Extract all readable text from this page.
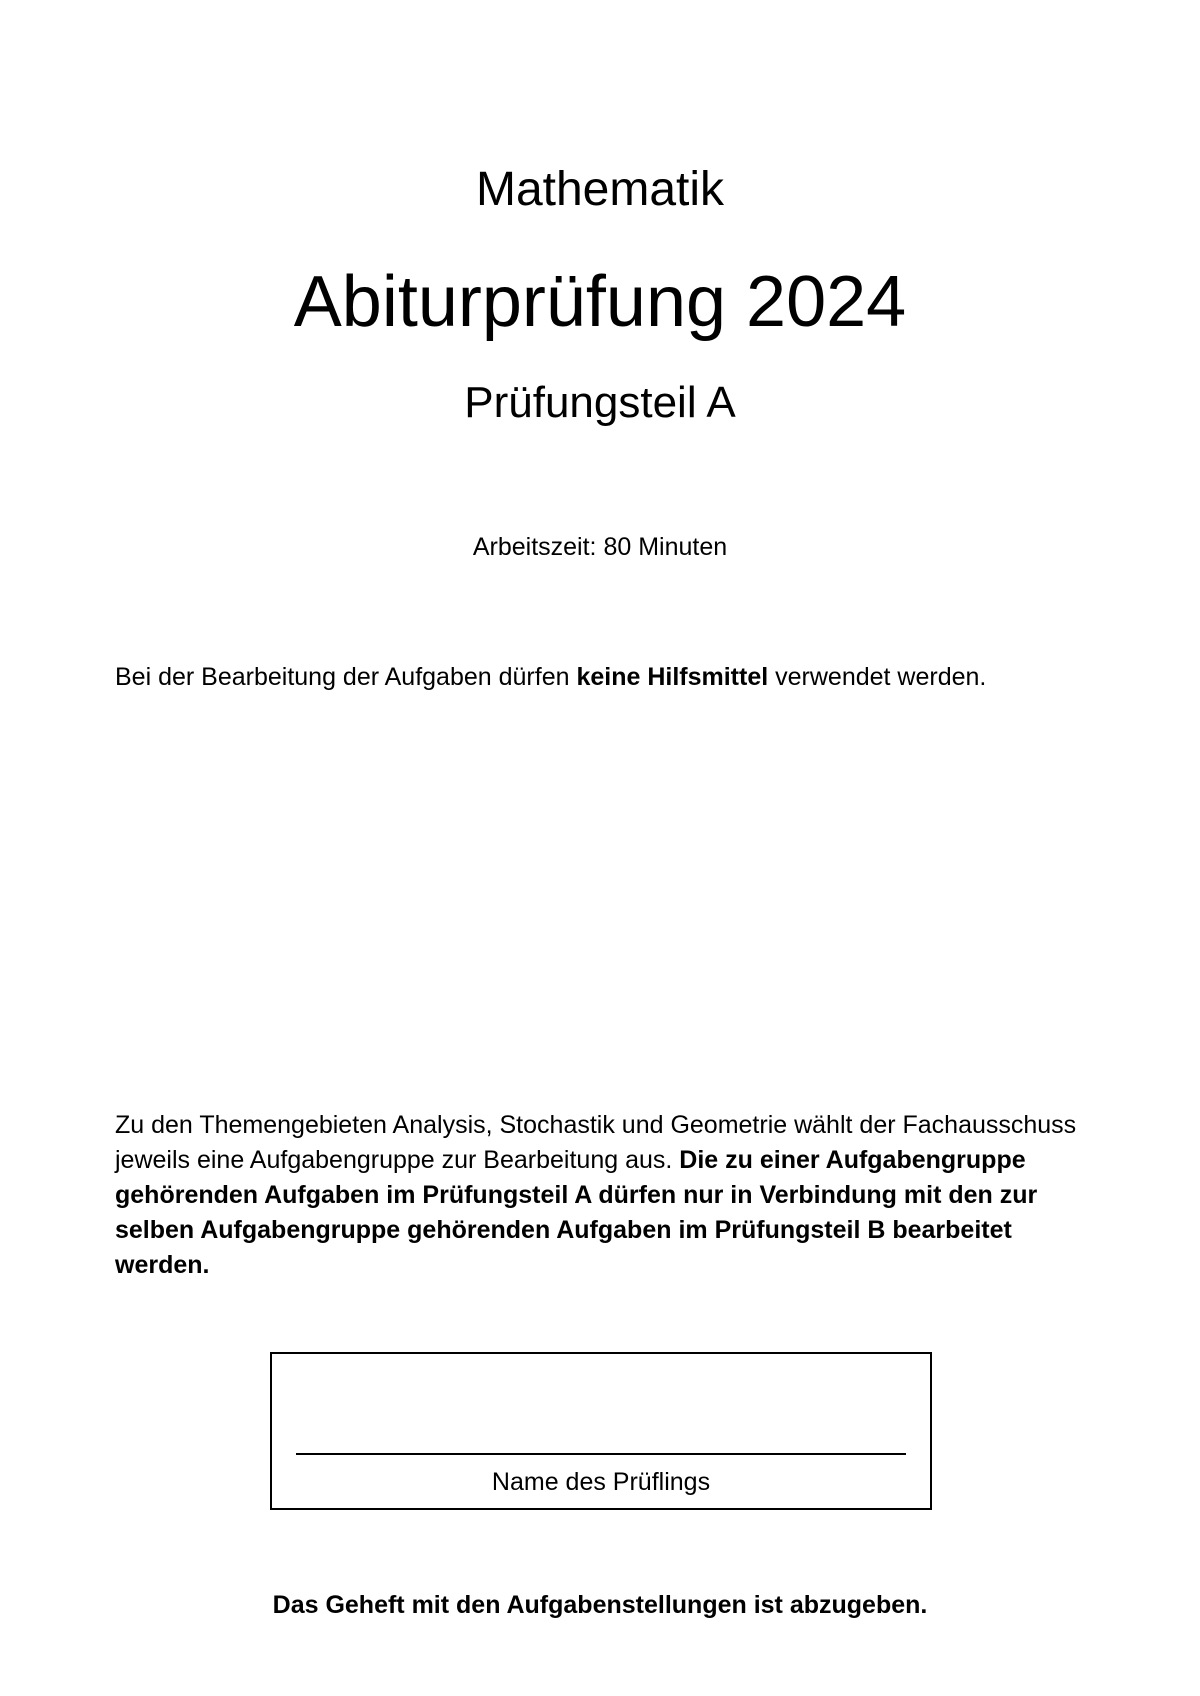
Mathematik
Abiturprüfung 2024
Prüfungsteil A

Arbeitszeit: 80 Minuten

Bei der Bearbeitung der Aufgaben dürfen keine Hilfsmittel verwendet werden.

Zu den Themengebieten Analysis, Stochastik und Geometrie wählt der Fachausschuss jeweils eine Aufgabengruppe zur Bearbeitung aus. Die zu einer Aufgabengruppe gehörenden Aufgaben im Prüfungsteil A dürfen nur in Verbindung mit den zur selben Aufgabengruppe gehörenden Aufgaben im Prüfungsteil B bearbeitet werden.

Name des Prüflings

Das Geheft mit den Aufgabenstellungen ist abzugeben.
